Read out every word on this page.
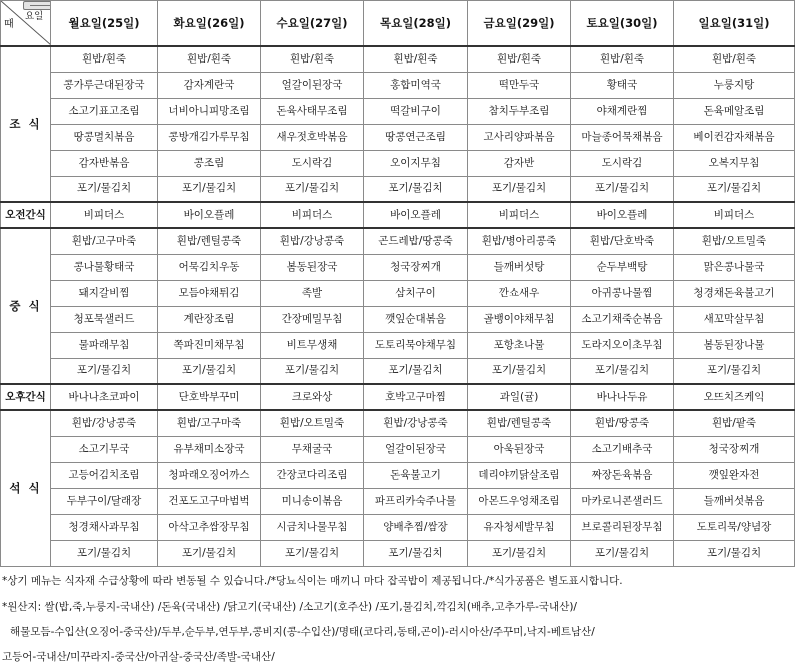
요일
때	월요일(25일)	화요일(26일)	수요일(27일)	목요일(28일)	금요일(29일)	토요일(30일)	일요일(31일)
조 식	흰밥/흰죽	흰밥/흰죽	흰밥/흰죽	흰밥/흰죽	흰밥/흰죽	흰밥/흰죽	흰밥/흰죽
	콩가루근대된장국	감자계란국	얼갈이된장국	홍합미역국	떡만두국	황태국	누룽지탕
	소고기표고조림	너비아니피망조림	돈육사태무조림	떡갈비구이	참치두부조림	야채계란찜	돈육메알조림
	땅콩멸치볶음	콩방개김가루무침	새우젓호박볶음	땅콩연근조림	고사리양파볶음	마늘종어묵채볶음	베이컨감자채볶음
	감자반볶음	콩조림	도시락김	오이지무침	감자반	도시락김	오복지무침
	포기/물김치	포기/물김치	포기/물김치	포기/물김치	포기/물김치	포기/물김치	포기/물김치
오전간식	비피더스	바이오플레	비피더스	바이오플레	비피더스	바이오플레	비피더스
중 식	흰밥/고구마죽	흰밥/렌틸콩죽	흰밥/강낭콩죽	곤드레밥/땅콩죽	흰밥/병아리콩죽	흰밥/단호박죽	흰밥/오트밀죽
	콩나물황태국	어묵김치우동	봄동된장국	청국장찌개	들깨버섯탕	순두부백탕	맑은콩나물국
	돼지갈비찜	모듬야채튀김	족발	삼치구이	깐쇼새우	아귀콩나물찜	청경채돈육불고기
	청포묵샐러드	계란장조림	간장메밀무침	깻잎순대볶음	골뱅이야채무침	소고기채죽순볶음	새꼬막살무침
	물파래무침	쪽파진미채무침	비트무생채	도토리묵야채무침	포항초나물	도라지오이초무침	봄동된장나물
	포기/물김치	포기/물김치	포기/물김치	포기/물김치	포기/물김치	포기/물김치	포기/물김치
오후간식	바나나초코파이	단호박부꾸미	크로와상	호박고구마찜	과일(귤)	바나나두유	오뜨치즈케익
석 식	흰밥/강낭콩죽	흰밥/고구마죽	흰밥/오트밀죽	흰밥/강낭콩죽	흰밥/렌틸콩죽	흰밥/땅콩죽	흰밥/팥죽
	소고기무국	유부채미소장국	무채굴국	얼갈이된장국	아욱된장국	소고기배추국	청국장찌개
	고등어김치조림	청파래오징어까스	간장코다리조림	돈육불고기	데리야끼닭살조림	짜장돈육볶음	깻잎완자전
	두부구이/달래장	건포도고구마범벅	미니송이볶음	파프리카숙주나물	아몬드우엉채조림	마카로니콘샐러드	들깨버섯볶음
	청경채사과무침	아삭고추쌈장무침	시금치나물무침	양배추찜/쌈장	유자청세발무침	브로콜리된장무침	도토리묵/양념장
	포기/물김치	포기/물김치	포기/물김치	포기/물김치	포기/물김치	포기/물김치	포기/물김치
*상기 메뉴는 식자재 수급상황에 따라 변동될 수 있습니다./*당뇨식이는 매끼니 마다 잡곡밥이 제공됩니다./*식가공품은 별도표시합니다.
*원산지: 쌀(밥,죽,누룽지-국내산) /돈육(국내산) /닭고기(국내산) /소고기(호주산) /포기,물김치,깍김치(배추,고추가루-국내산)/
해물모듬-수입산(오징어-중국산)/두부,순두부,연두부,콩비지(콩-수입산)/명태(코다리,동태,곤이)-러시아산/주꾸미,낙지-베트남산/
고등어-국내산/미꾸라지-중국산/아귀살-중국산/족발-국내산/
